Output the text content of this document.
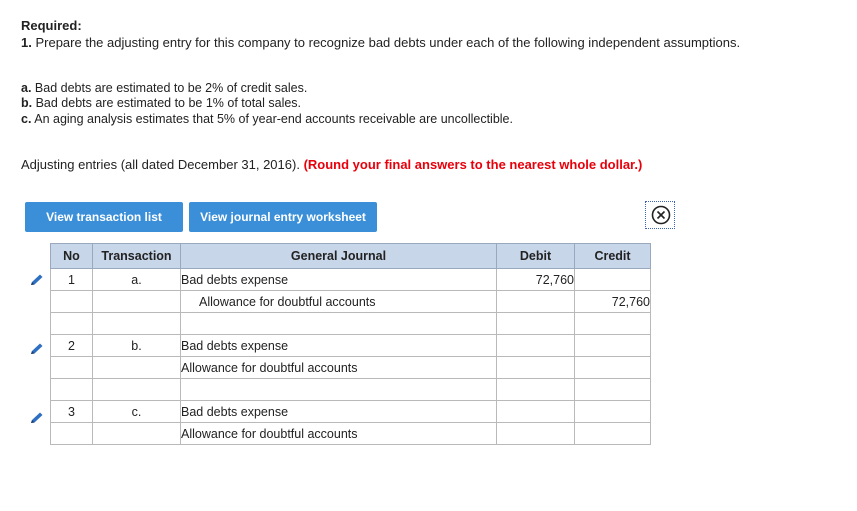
Required:
1. Prepare the adjusting entry for this company to recognize bad debts under each of the following independent assumptions.
a. Bad debts are estimated to be 2% of credit sales.
b. Bad debts are estimated to be 1% of total sales.
c. An aging analysis estimates that 5% of year-end accounts receivable are uncollectible.
Adjusting entries (all dated December 31, 2016). (Round your final answers to the nearest whole dollar.)
View transaction list	View journal entry worksheet
No	Transaction	General Journal	Debit	Credit
1	a.	Bad debts expense	72,760	
		Allowance for doubtful accounts		72,760

2	b.	Bad debts expense		
		Allowance for doubtful accounts		

3	c.	Bad debts expense		
		Allowance for doubtful accounts		
